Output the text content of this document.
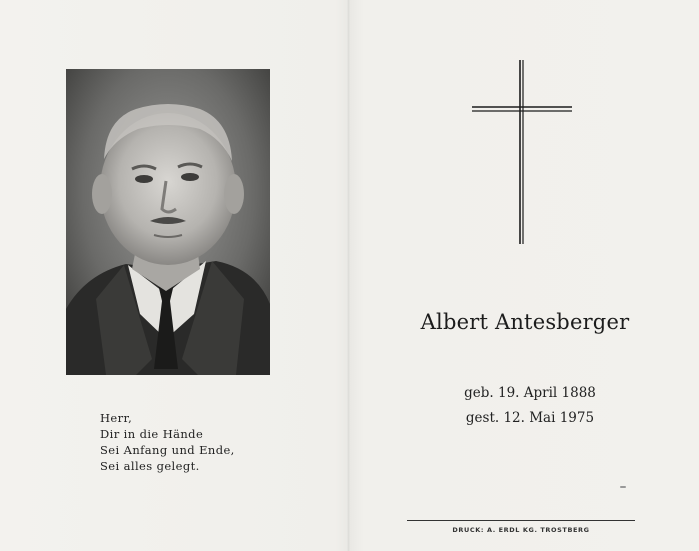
Herr,
Dir in die Hände
Sei Anfang und Ende,
Sei alles gelegt.
Albert Antesberger
geb. 19. April 1888
gest. 12. Mai 1975
DRUCK: A. ERDL KG. TROSTBERG
